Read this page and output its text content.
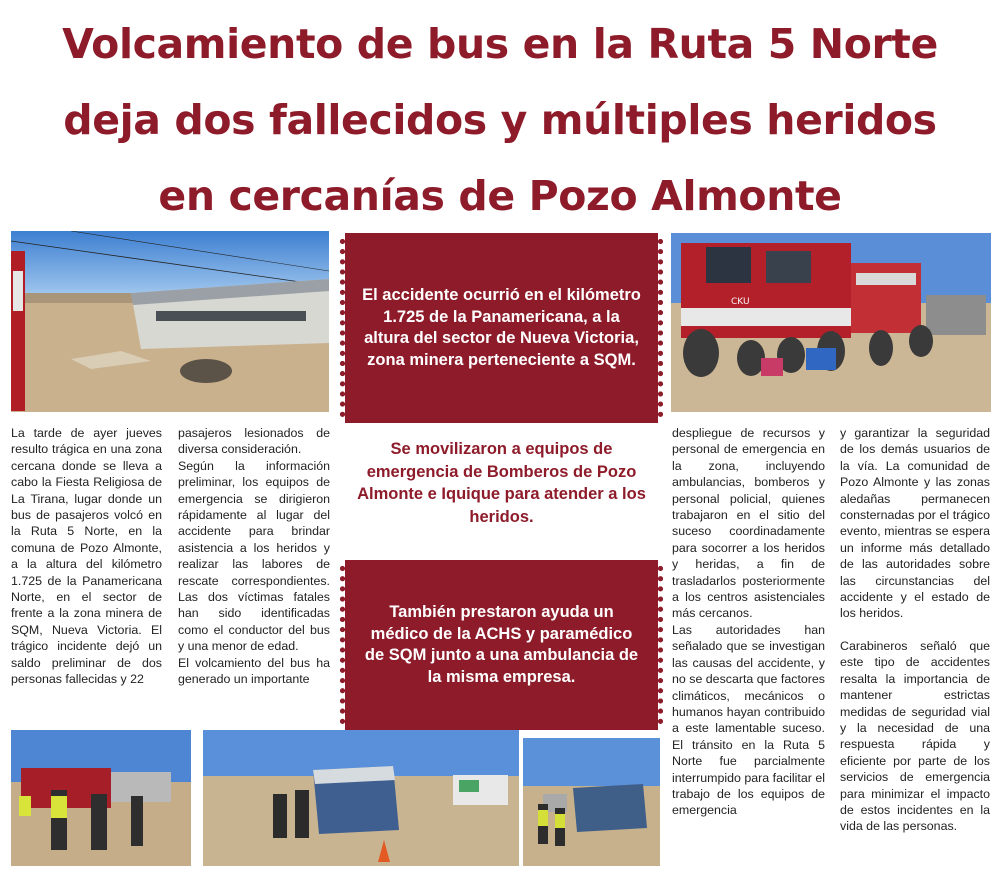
Volcamiento de bus en la Ruta 5 Norte
deja dos fallecidos y múltiples heridos
en cercanías de Pozo Almonte
CKU

La tarde de ayer jueves resulto trágica en una zona cercana donde se lleva a cabo la Fiesta Religiosa de La Tirana, lugar donde un bus de pasajeros volcó en la Ruta 5 Norte, en la comuna de Pozo Almonte, a la altura del kilómetro 1.725 de la Panamericana Norte, en el sector de frente a la zona minera de SQM, Nueva Victoria. El trágico incidente dejó un saldo preliminar de dos personas fallecidas y 22

pasajeros lesionados de diversa consideración.

Según la información preliminar, los equipos de emergencia se dirigieron rápidamente al lugar del accidente para brindar asistencia a los heridos y realizar las labores de rescate correspondientes. Las dos víctimas fatales han sido identificadas como el conductor del bus y una menor de edad.

El volcamiento del bus ha generado un importante

despliegue de recursos y personal de emergencia en la zona, incluyendo ambulancias, bomberos y personal policial, quienes trabajaron en el sitio del suceso coordinadamente para socorrer a los heridos y heridas, a fin de trasladarlos posteriormente a los centros asistenciales más cercanos.

Las autoridades han señalado que se investigan las causas del accidente, y no se descarta que factores climáticos, mecánicos o humanos hayan contribuido a este lamentable suceso. El tránsito en la Ruta 5 Norte fue parcialmente interrumpido para facilitar el trabajo de los equipos de emergencia

y garantizar la seguridad de los demás usuarios de la vía. La comunidad de Pozo Almonte y las zonas aledañas permanecen consternadas por el trágico evento, mientras se espera un informe más detallado de las autoridades sobre las circunstancias del accidente y el estado de los heridos.

Carabineros señaló que este tipo de accidentes resalta la importancia de mantener estrictas medidas de seguridad vial y la necesidad de una respuesta rápida y eficiente por parte de los servicios de emergencia para minimizar el impacto de estos incidentes en la vida de las personas.

El accidente ocurrió en el kilómetro 1.725 de la Panamericana, a la altura del sector de Nueva Victoria, zona minera perteneciente a SQM.
Se movilizaron a equipos de emergencia de Bomberos de Pozo Almonte e Iquique para atender a los heridos.
También prestaron ayuda un médico de la ACHS y paramédico de SQM junto a una ambulancia de la misma empresa.
